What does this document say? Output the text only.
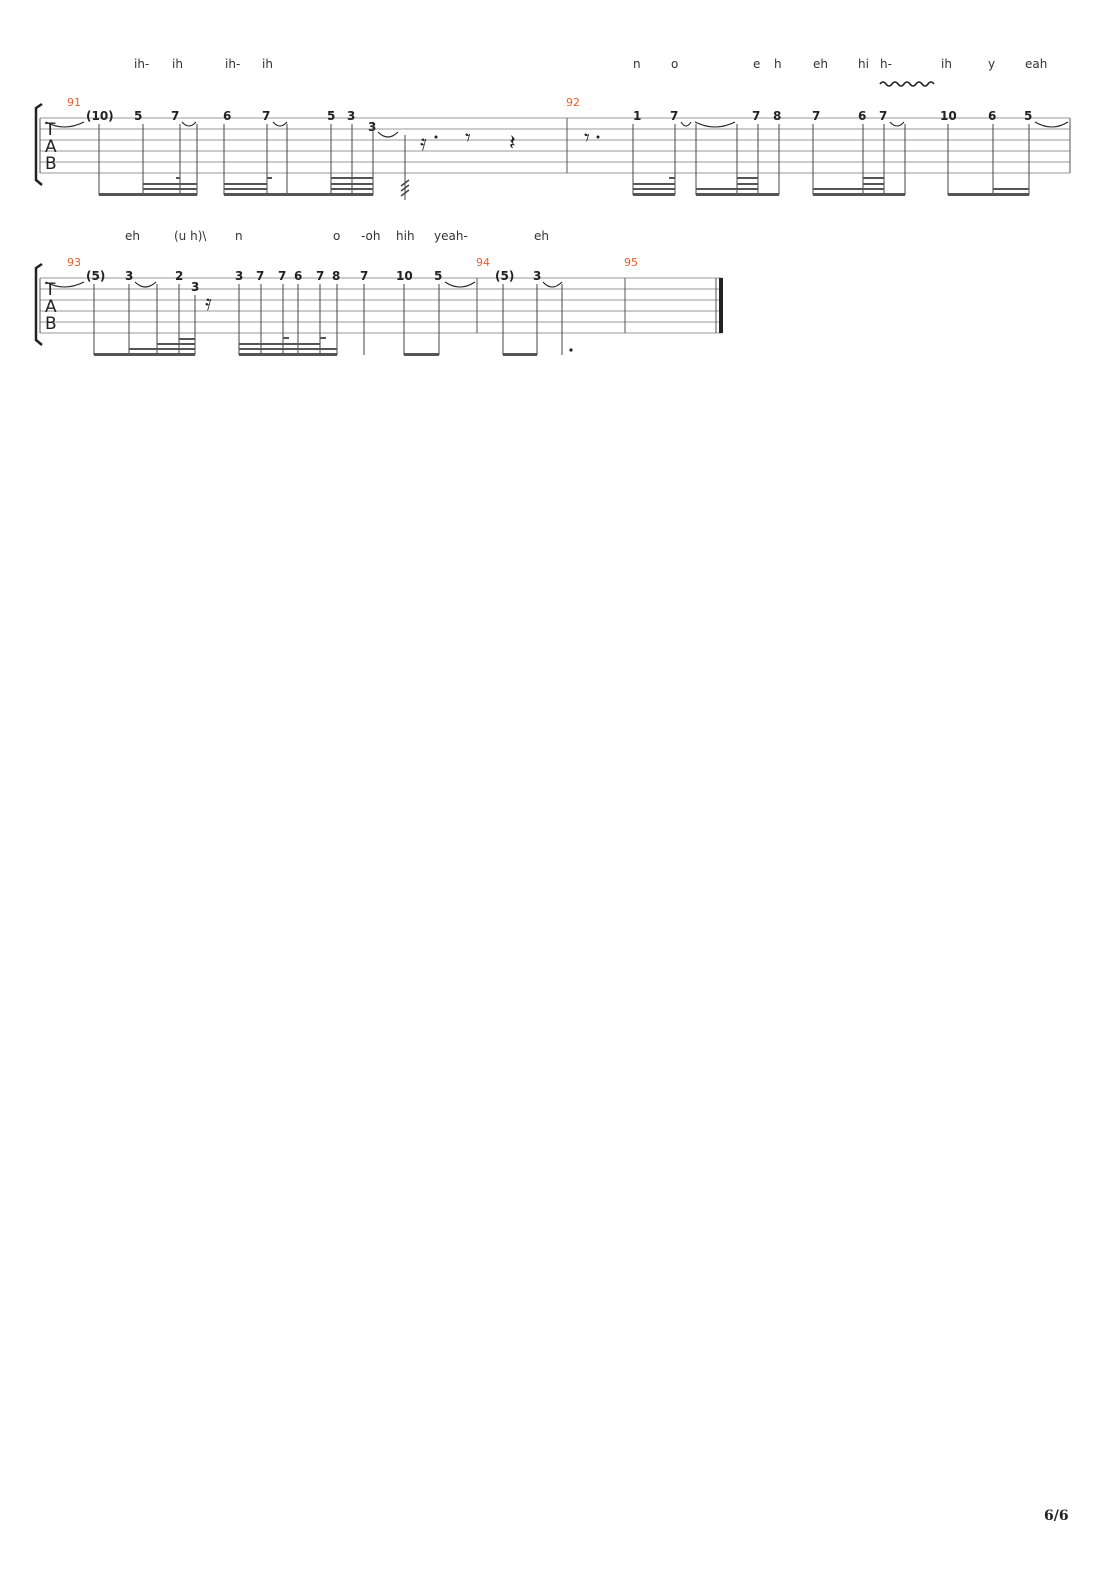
ih- ih	ih- ih	n	o	e h	eh	hi h-	ih	y eah
91	92
T
A
B
(10) 5 7	6	7	5 3
3
1 7	7 8	7	6 7	10	6 5
𝄿 𝄾 𝄽	𝄾
eh	(u h)\ n	o -oh hih yeah-	eh
93	94	95
T
A
B
(5) 3	2
3
3 7 7 6 7 8 7 10 5	(5) 3
𝄿
6/6
